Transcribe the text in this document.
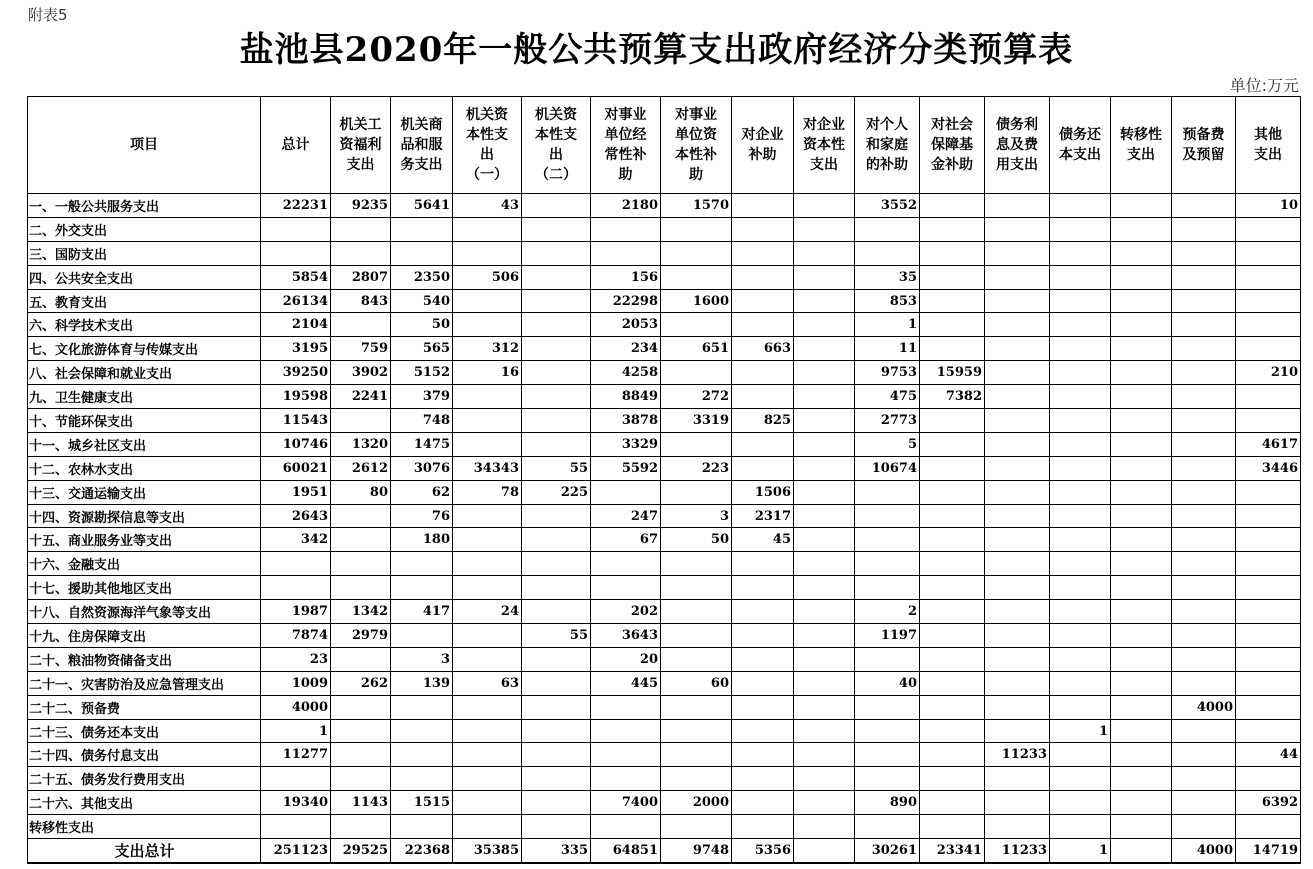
附表5
盐池县2020年一般公共预算支出政府经济分类预算表
单位:万元
项目	总计	机关工
资福利
支出	机关商
品和服
务支出	机关资
本性支
出
（一）	机关资
本性支
出
（二）	对事业
单位经
常性补
助	对事业
单位资
本性补
助	对企业
补助	对企业
资本性
支出	对个人
和家庭
的补助	对社会
保障基
金补助	债务利
息及费
用支出	债务还
本支出	转移性
支出	预备费
及预留	其他
支出
一、一般公共服务支出	22231	9235	5641	43		2180	1570			3552						10
二、外交支出																
三、国防支出																
四、公共安全支出	5854	2807	2350	506		156				35						
五、教育支出	26134	843	540			22298	1600			853						
六、科学技术支出	2104		50			2053				1						
七、文化旅游体育与传媒支出	3195	759	565	312		234	651	663		11						
八、社会保障和就业支出	39250	3902	5152	16		4258				9753	15959					210
九、卫生健康支出	19598	2241	379			8849	272			475	7382					
十、节能环保支出	11543		748			3878	3319	825		2773						
十一、城乡社区支出	10746	1320	1475			3329				5						4617
十二、农林水支出	60021	2612	3076	34343	55	5592	223			10674						3446
十三、交通运输支出	1951	80	62	78	225			1506								
十四、资源勘探信息等支出	2643		76			247	3	2317								
十五、商业服务业等支出	342		180			67	50	45								
十六、金融支出																
十七、援助其他地区支出																
十八、自然资源海洋气象等支出	1987	1342	417	24		202				2						
十九、住房保障支出	7874	2979			55	3643				1197						
二十、粮油物资储备支出	23		3			20										
二十一、灾害防治及应急管理支出	1009	262	139	63		445	60			40						
二十二、预备费	4000														4000	
二十三、债务还本支出	1												1			
二十四、债务付息支出	11277											11233				44
二十五、债务发行费用支出																
二十六、其他支出	19340	1143	1515			7400	2000			890						6392
转移性支出																
支出总计	251123	29525	22368	35385	335	64851	9748	5356		30261	23341	11233	1		4000	14719
